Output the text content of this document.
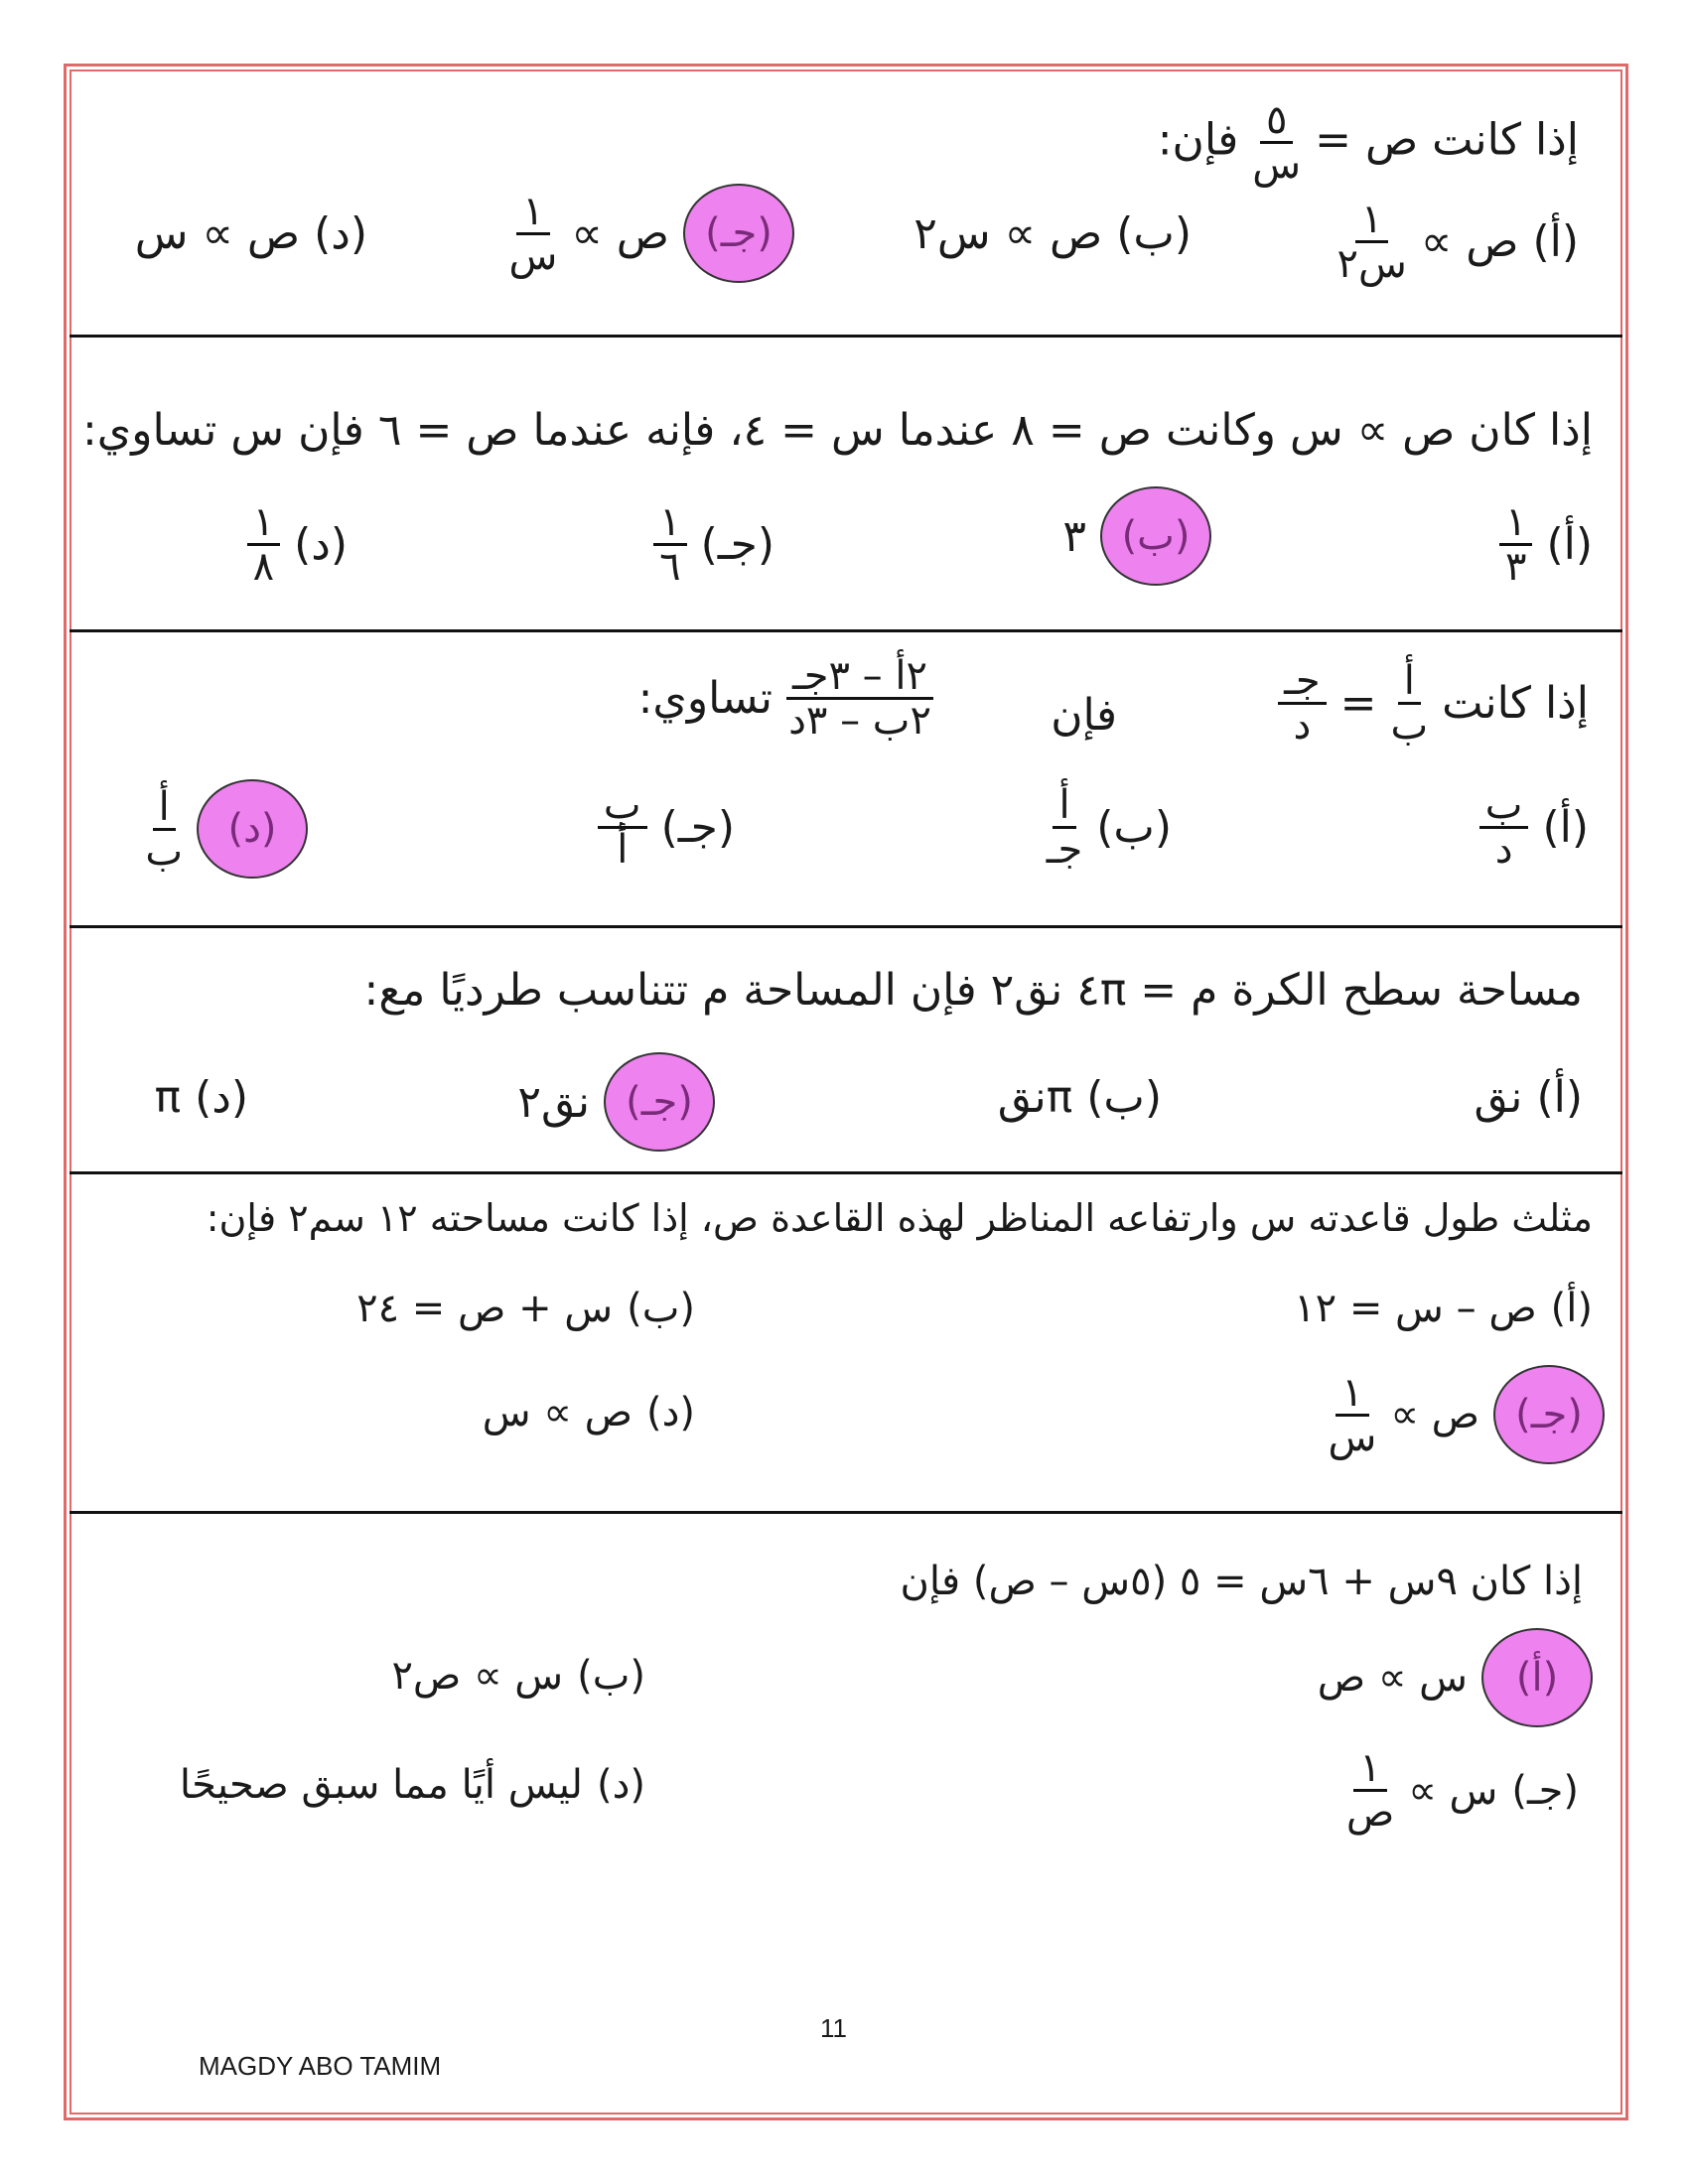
إذا كانت ص =
$\frac{٥}{\text{س}}$
فإن:
(أ)
ص ∝
$\frac{١}{\text{س٢}}$
(ب)
ص ∝ س٢
(جـ)
ص ∝
$\frac{١}{\text{س}}$
(د)
ص ∝ س
إذا كان ص ∝ س وكانت ص = ٨ عندما س = ٤، فإنه عندما ص = ٦ فإن س تساوي:
(أ)
$\frac{١}{٣}$
(ب)
٣
(جـ)
$\frac{١}{٦}$
(د)
$\frac{١}{٨}$
إذا كانت
$\frac{\text{أ}}{\text{ب}}$
=
$\frac{\text{جـ}}{\text{د}}$
فإن
$\frac{\text{٢أ – ٣جـ}}{\text{٢ب – ٣د}}$
تساوي:
(أ)
$\frac{\text{ب}}{\text{د}}$
(ب)
$\frac{\text{أ}}{\text{جـ}}$
(جـ)
$\frac{\text{ب}}{\text{أ}}$
(د)
$\frac{\text{أ}}{\text{ب}}$
مساحة سطح الكرة م = ٤π نق٢ فإن المساحة م تتناسب طرديًا مع:
(أ)
نق
(ب)
πنق
(جـ)
نق٢
(د)
π
مثلث طول قاعدته س وارتفاعه المناظر لهذه القاعدة ص، إذا كانت مساحته ١٢ سم٢ فإن:
(أ)
ص – س = ١٢
(ب)
س + ص = ٢٤
(جـ)
ص ∝
$\frac{١}{\text{س}}$
(د)
ص ∝ س
إذا كان ٩س + ٦س = ٥ (٥س – ص) فإن
(أ)
س ∝ ص
(ب)
س ∝ ص٢
(جـ)
س ∝
$\frac{١}{\text{ص}}$
(د)
ليس أيًا مما سبق صحيحًا
11
MAGDY ABO TAMIM
